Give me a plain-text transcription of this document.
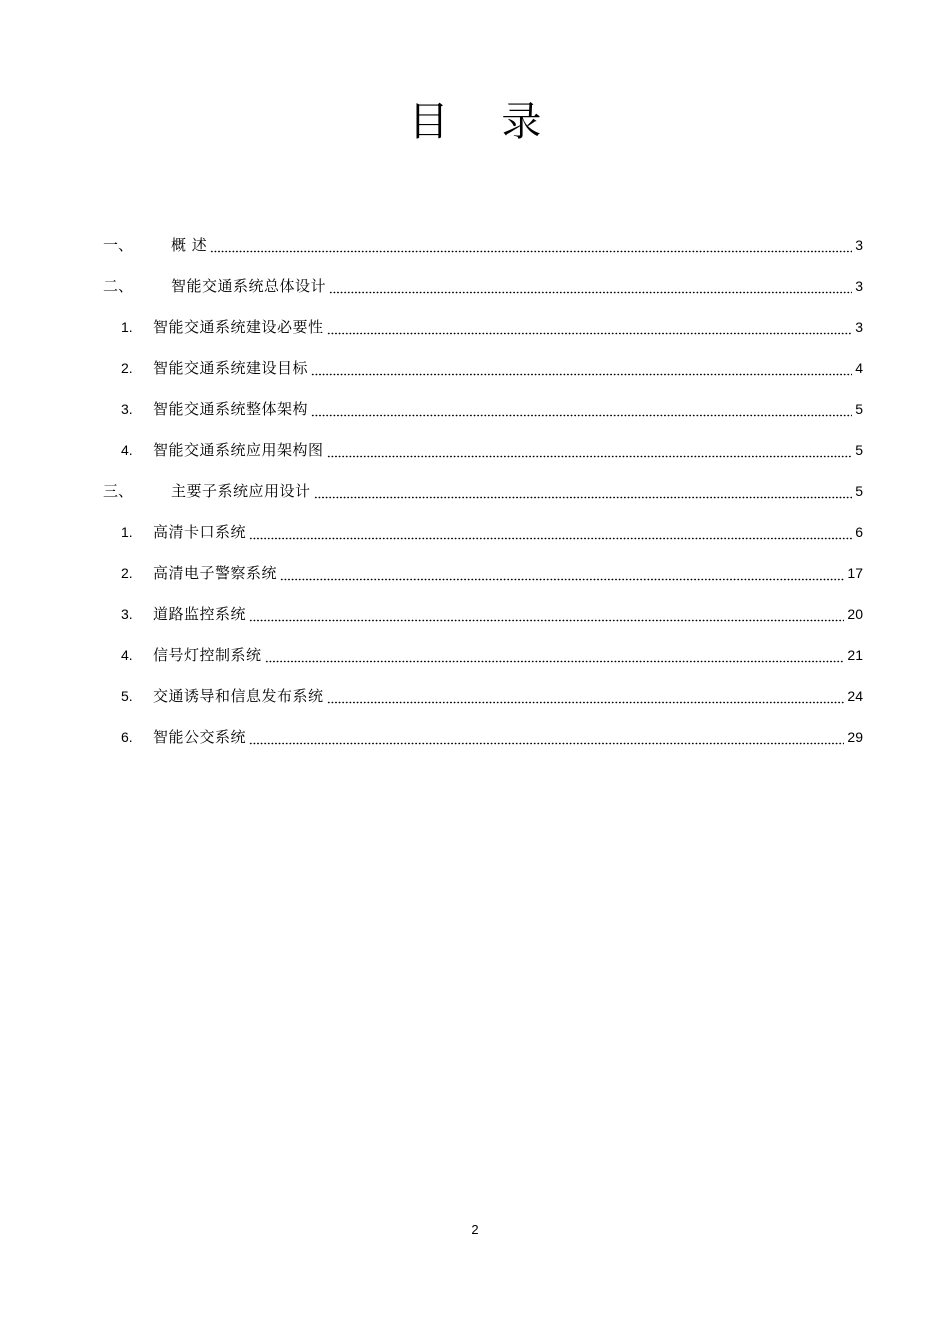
目 录
一、	概 述	3
二、	智能交通系统总体设计	3
1.	智能交通系统建设必要性	3
2.	智能交通系统建设目标	4
3.	智能交通系统整体架构	5
4.	智能交通系统应用架构图	5
三、	主要子系统应用设计	5
1.	高清卡口系统	6
2.	高清电子警察系统	17
3.	道路监控系统	20
4.	信号灯控制系统	21
5.	交通诱导和信息发布系统	24
6.	智能公交系统	29
2
